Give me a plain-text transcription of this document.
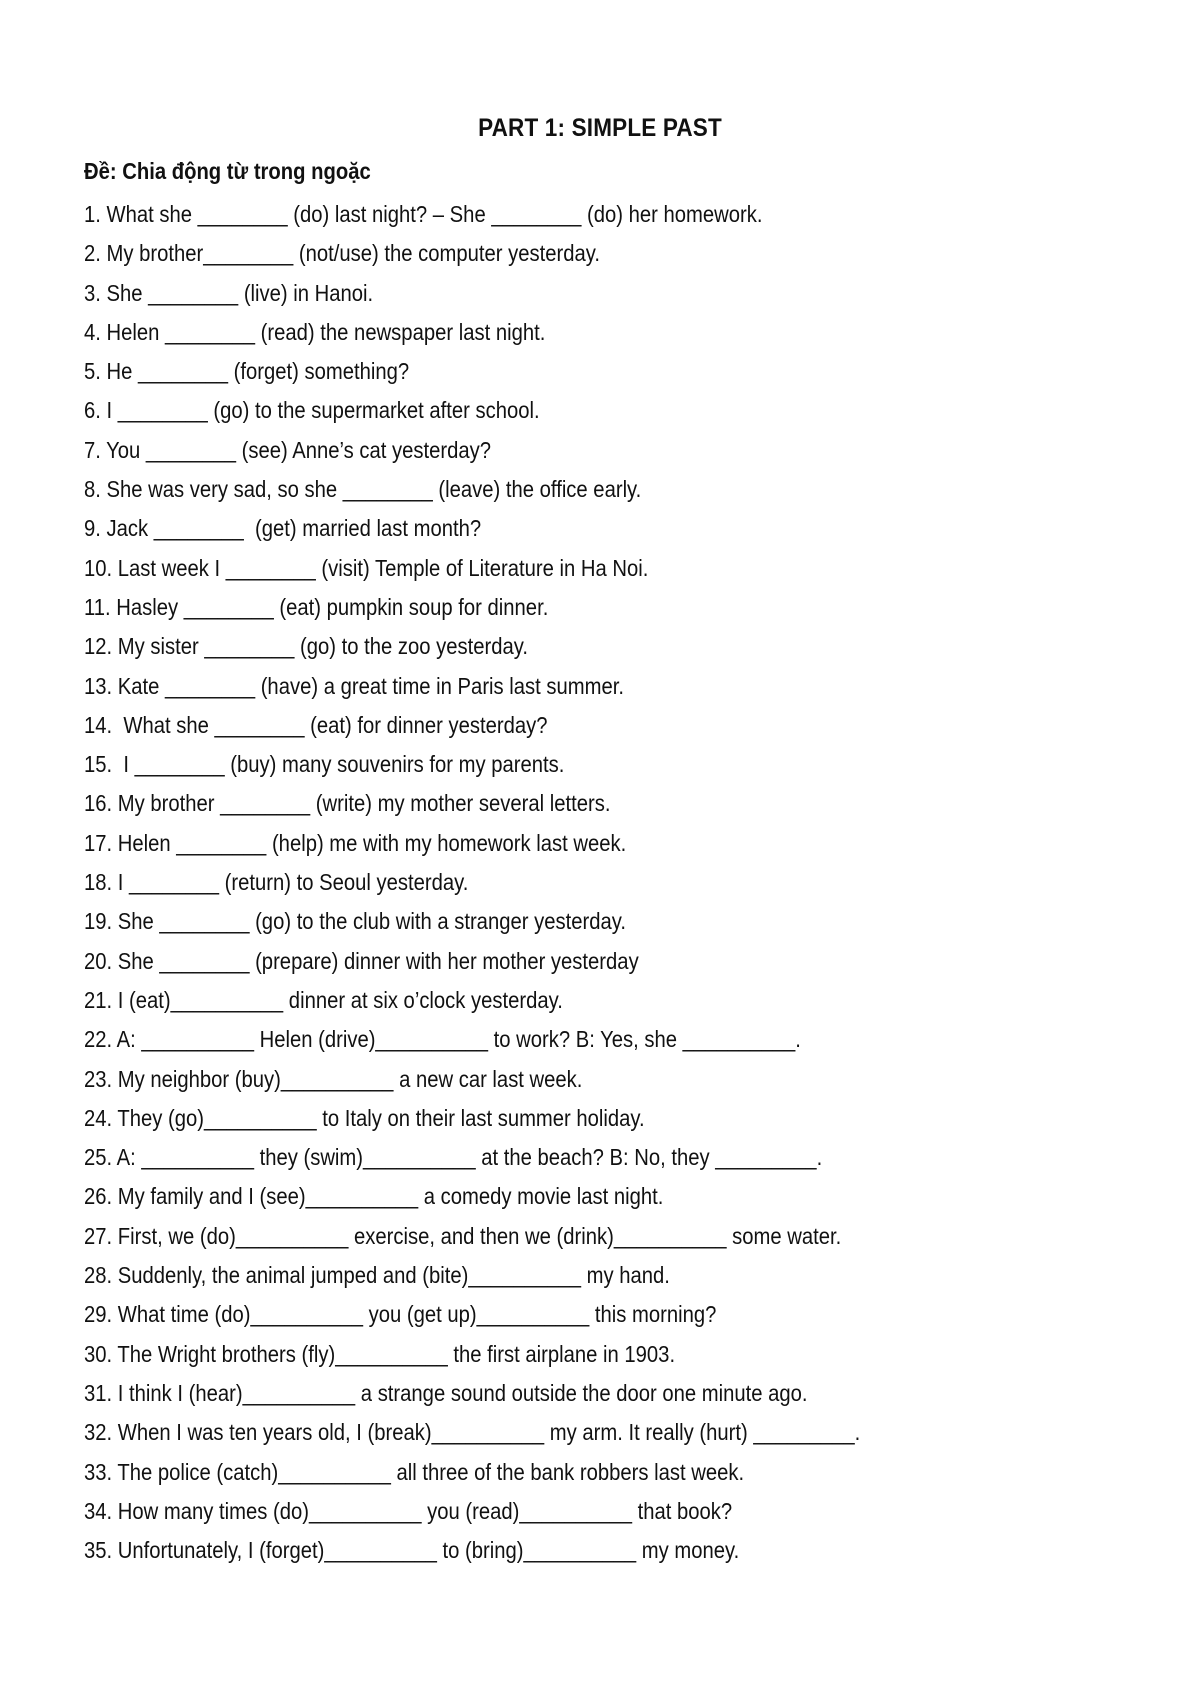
PART 1: SIMPLE PAST
Đề: Chia động từ trong ngoặc
1. What she ________ (do) last night? – She ________ (do) her homework.
2. My brother________ (not/use) the computer yesterday.
3. She ________ (live) in Hanoi.
4. Helen ________ (read) the newspaper last night.
5. He ________ (forget) something?
6. I ________ (go) to the supermarket after school.
7. You ________ (see) Anne’s cat yesterday?
8. She was very sad, so she ________ (leave) the office early.
9. Jack ________  (get) married last month?
10. Last week I ________ (visit) Temple of Literature in Ha Noi.
11. Hasley ________ (eat) pumpkin soup for dinner.
12. My sister ________ (go) to the zoo yesterday.
13. Kate ________ (have) a great time in Paris last summer.
14.  What she ________ (eat) for dinner yesterday?
15.  I ________ (buy) many souvenirs for my parents.
16. My brother ________ (write) my mother several letters.
17. Helen ________ (help) me with my homework last week.
18. I ________ (return) to Seoul yesterday.
19. She ________ (go) to the club with a stranger yesterday.
20. She ________ (prepare) dinner with her mother yesterday
21. I (eat)__________ dinner at six o’clock yesterday.
22. A: __________ Helen (drive)__________ to work? B: Yes, she __________.
23. My neighbor (buy)__________ a new car last week.
24. They (go)__________ to Italy on their last summer holiday.
25. A: __________ they (swim)__________ at the beach? B: No, they _________.
26. My family and I (see)__________ a comedy movie last night.
27. First, we (do)__________ exercise, and then we (drink)__________ some water.
28. Suddenly, the animal jumped and (bite)__________ my hand.
29. What time (do)__________ you (get up)__________ this morning?
30. The Wright brothers (fly)__________ the first airplane in 1903.
31. I think I (hear)__________ a strange sound outside the door one minute ago.
32. When I was ten years old, I (break)__________ my arm. It really (hurt) _________.
33. The police (catch)__________ all three of the bank robbers last week.
34. How many times (do)__________ you (read)__________ that book?
35. Unfortunately, I (forget)__________ to (bring)__________ my money.
